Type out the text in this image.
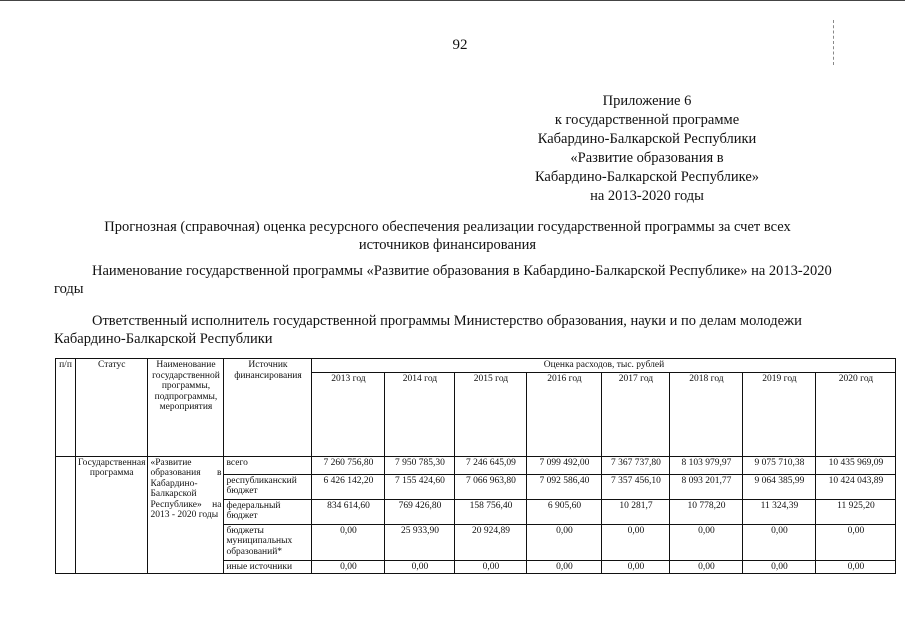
92
Приложение 6
к государственной программе
Кабардино-Балкарской Республики
«Развитие образования в
Кабардино-Балкарской Республике»
на 2013-2020 годы
Прогнозная (справочная) оценка ресурсного обеспечения реализации государственной программы за счет всех источников финансирования
Наименование государственной программы «Развитие образования в Кабардино-Балкарской Республике» на 2013-2020 годы
Ответственный исполнитель государственной программы Министерство образования, науки и по делам молодежи Кабардино-Балкарской Республики
п/п	Статус	Наименование государственной программы, подпрограммы, мероприятия	Источник финансирования	Оценка расходов, тыс. рублей							
				2013 год	2014 год	2015 год	2016 год	2017 год	2018 год	2019 год	2020 год
	Государственная программа	«Развитие образования в Кабардино-Балкарской Республике» на 2013 - 2020 годы	всего	7 260 756,80	7 950 785,30	7 246 645,09	7 099 492,00	7 367 737,80	8 103 979,97	9 075 710,38	10 435 969,09
			республиканский бюджет	6 426 142,20	7 155 424,60	7 066 963,80	7 092 586,40	7 357 456,10	8 093 201,77	9 064 385,99	10 424 043,89
			федеральный бюджет	834 614,60	769 426,80	158 756,40	6 905,60	10 281,7	10 778,20	11 324,39	11 925,20
			бюджеты муниципальных образований*	0,00	25 933,90	20 924,89	0,00	0,00	0,00	0,00	0,00
			иные источники	0,00	0,00	0,00	0,00	0,00	0,00	0,00	0,00
